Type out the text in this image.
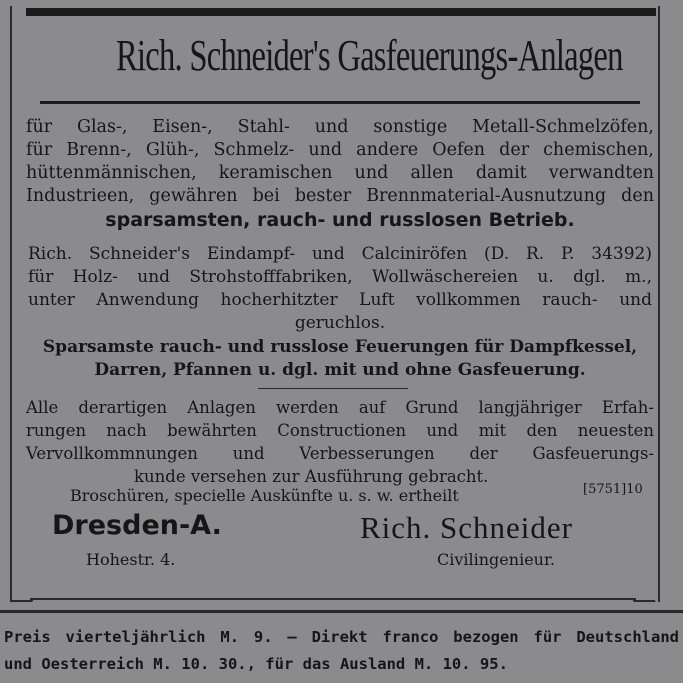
Rich. Schneider's Gasfeuerungs-Anlagen
für Glas-, Eisen-, Stahl- und sonstige Metall-Schmelzöfen,
für Brenn-, Glüh-, Schmelz- und andere Oefen der chemischen,
hüttenmännischen, keramischen und allen damit verwandten
Industrieen, gewähren bei bester Brennmaterial-Ausnutzung den
sparsamsten, rauch- und russlosen Betrieb.
Rich. Schneider's Eindampf- und Calciniröfen (D. R. P. 34392)
für Holz- und Strohstofffabriken, Wollwäschereien u. dgl. m.,
unter Anwendung hocherhitzter Luft vollkommen rauch- und
geruchlos.
Sparsamste rauch- und russlose Feuerungen für Dampfkessel,
Darren, Pfannen u. dgl. mit und ohne Gasfeuerung.
Alle derartigen Anlagen werden auf Grund langjähriger Erfah-
rungen nach bewährten Constructionen und mit den neuesten
Vervollkommnungen und Verbesserungen der Gasfeuerungs-
kunde versehen zur Ausführung gebracht.
Broschüren, specielle Auskünfte u. s. w. ertheilt	[5751]10
Dresden-A.
Hohestr. 4.
Rich. Schneider
Civilingenieur.
Preis vierteljährlich M. 9. — Direkt franco bezogen für Deutschland
und Oesterreich M. 10. 30., für das Ausland M. 10. 95.
